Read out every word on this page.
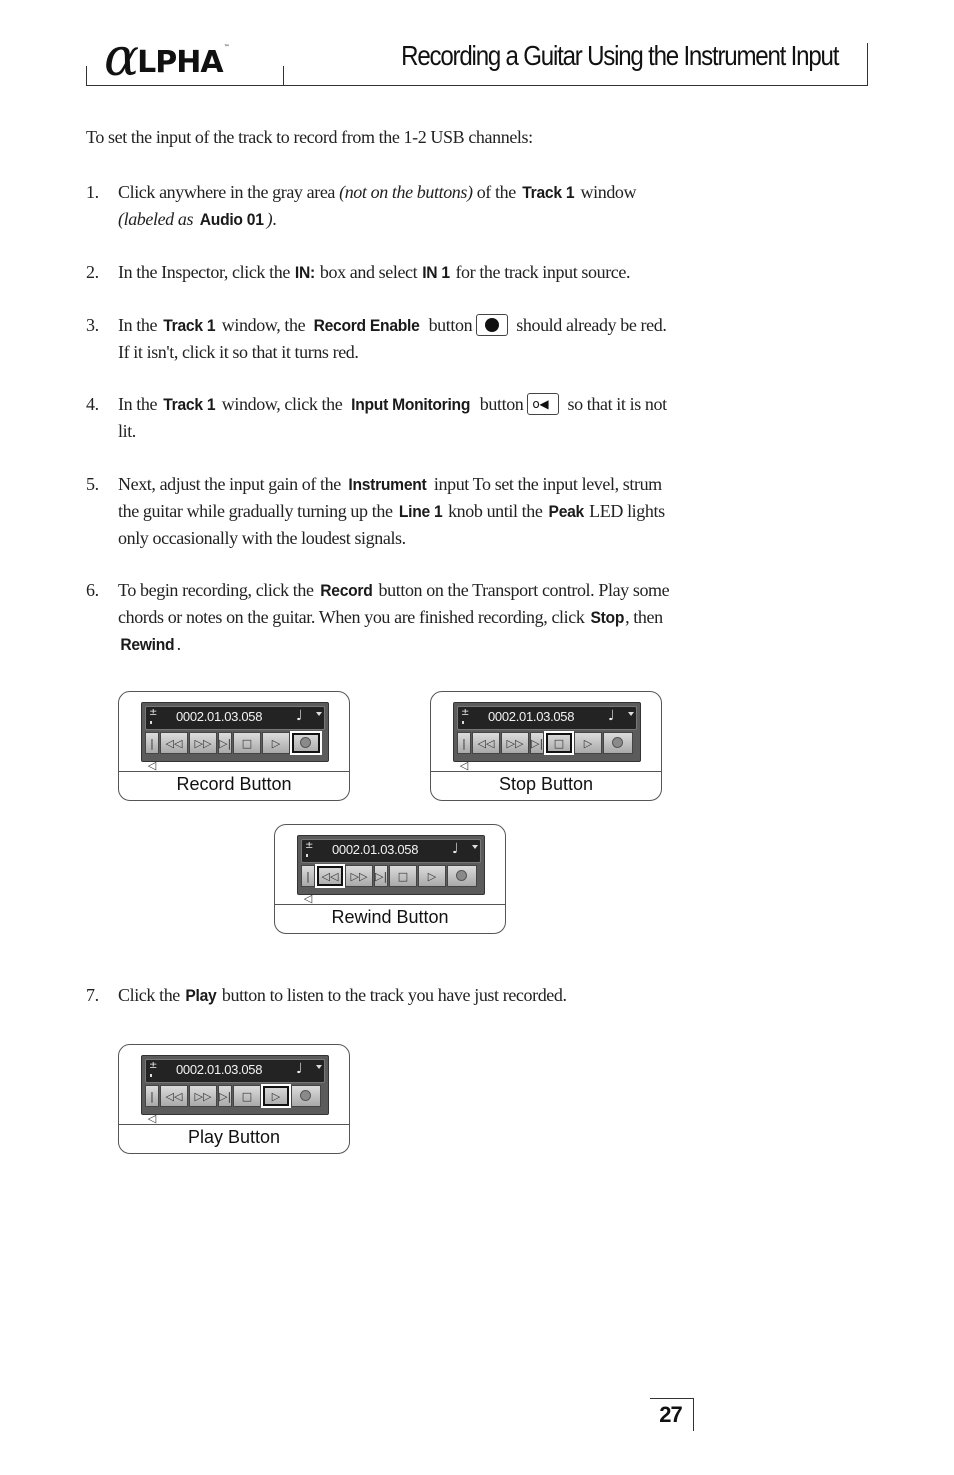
α
LPHA ™	Recording a Guitar Using the Instrument Input
To set the input of the track to record from the 1-2 USB channels:
1. Click anywhere in the gray area (not on the buttons) of the Track 1 window
(labeled as Audio 01 ).
2. In the Inspector, click the IN: box and select IN 1 for the track input source.
3. In the Track 1 window, the Record Enable button
should already be red.
If it isn't, click it so that it turns red.
4. In the Track 1 window, click the Input Monitoring button o◀ so that it is not
lit.
5. Next, adjust the input gain of the Instrument input To set the input level, strum
the guitar while gradually turning up the Line 1 knob until the Peak LED lights
only occasionally with the loudest signals.
6. To begin recording, click the Record button on the Transport control. Play some
chords or notes on the guitar. When you are finished recording, click Stop, then
Rewind .
± 0002.01.03.058 ♩
|◁
◁◁	▷▷ ▷| □	▷
Record Button
± 0002.01.03.058 ♩
|◁
◁◁	▷▷ ▷| □	▷
Stop Button
± 0002.01.03.058 ♩
|◁
◁◁	▷▷ ▷| □	▷
Rewind Button
7. Click the Play button to listen to the track you have just recorded.
± 0002.01.03.058 ♩
|◁
◁◁	▷▷ ▷| □	▷
Play Button
27
